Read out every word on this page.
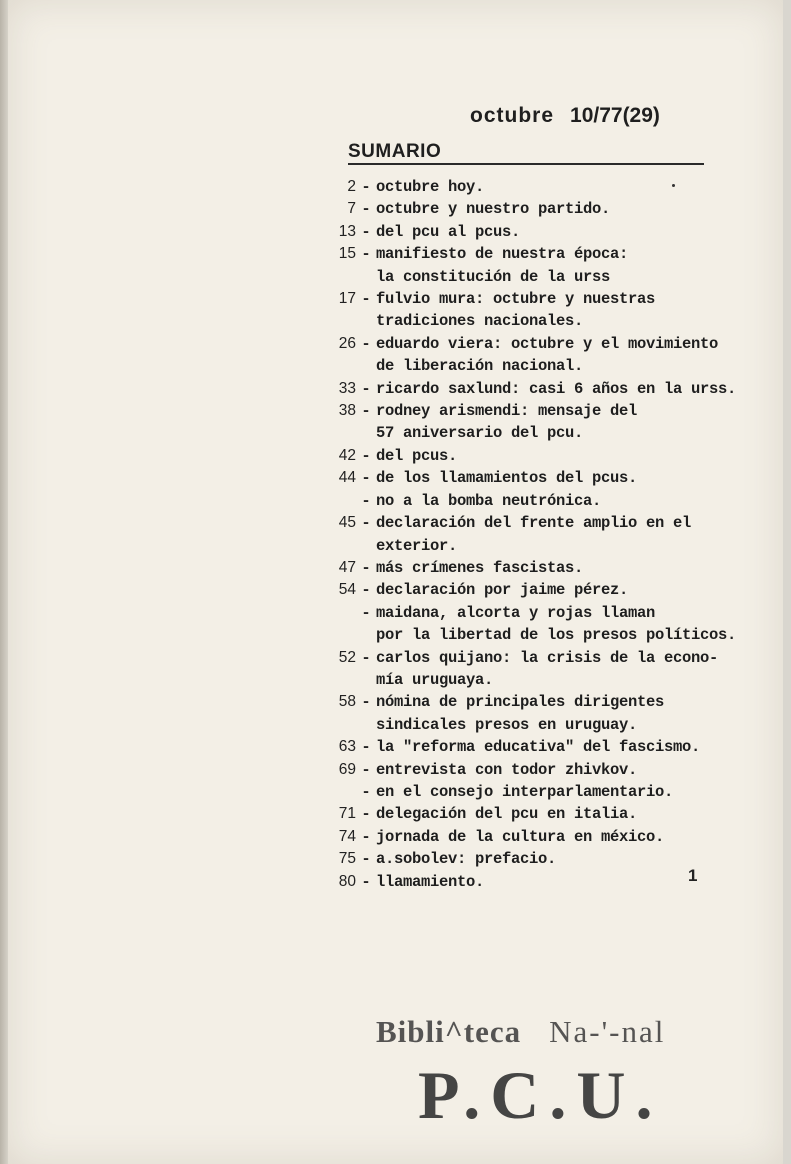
octubre 10/77(29)
SUMARIO
2 - octubre hoy.
7 - octubre y nuestro partido.
13 - del pcu al pcus.
15 - manifiesto de nuestra época:
la constitución de la urss
17 - fulvio mura: octubre y nuestras
tradiciones nacionales.
26 - eduardo viera: octubre y el movimiento
de liberación nacional.
33 - ricardo saxlund: casi 6 años en la urss.
38 - rodney arismendi: mensaje del
57 aniversario del pcu.
42 - del pcus.
44 - de los llamamientos del pcus.
- no a la bomba neutrónica.
45 - declaración del frente amplio en el
exterior.
47 - más crímenes fascistas.
54 - declaración por jaime pérez.
- maidana, alcorta y rojas llaman
por la libertad de los presos políticos.
52 - carlos quijano: la crisis de la econo-
mía uruguaya.
58 - nómina de principales dirigentes
sindicales presos en uruguay.
63 - la "reforma educativa" del fascismo.
69 - entrevista con todor zhivkov.
- en el consejo interparlamentario.
71 - delegación del pcu en italia.
74 - jornada de la cultura en méxico.
75 - a.sobolev: prefacio.
80 - llamamiento.	1
Bibli^teca Na-'-nal
P.C.U.
